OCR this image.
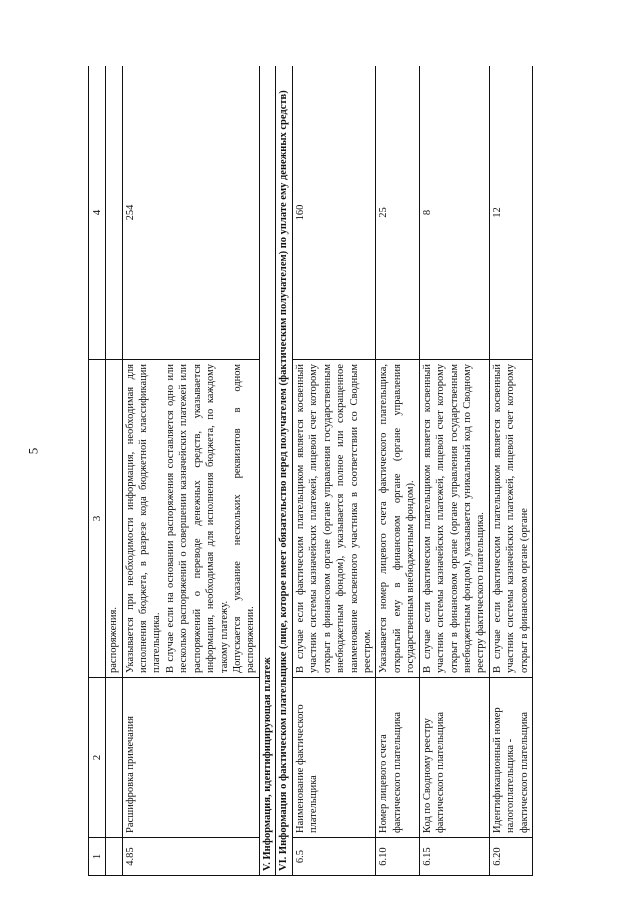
5
1	2	3	4

		распоряжения.	

4.85	Расшифровка примечания	Указывается при необходимости информация, необходимая для исполнения бюджета, в разрезе кода бюджетной классификации плательщика. В случае если на основании распоряжения составляется одно или несколько распоряжений о совершении казначейских платежей или распоряжений о переводе денежных средств, указывается информация, необходимая для исполнения бюджета, по каждому такому платежу. Допускается указание нескольких реквизитов в одном распоряжении.	254
V. Информация, идентифицирующая платеж			
VI. Информация о фактическом плательщике (лице, которое имеет обязательство перед получателем (фактическим получателем) по уплате ему денежных средств)			
6.5	Наименование фактического плательщика	В случае если фактическим плательщиком является косвенный участник системы казначейских платежей, лицевой счет которому открыт в финансовом органе (органе управления государственным внебюджетным фондом), указывается полное или сокращенное наименование косвенного участника в соответствии со Сводным реестром.	160
6.10	Номер лицевого счета фактического плательщика	Указывается номер лицевого счета фактического плательщика, открытый ему в финансовом органе (органе управления государственным внебюджетным фондом).	25
6.15	Код по Сводному реестру фактического плательщика	В случае если фактическим плательщиком является косвенный участник системы казначейских платежей, лицевой счет которому открыт в финансовом органе (органе управления государственным внебюджетным фондом), указывается уникальный код по Сводному реестру фактического плательщика.	8
6.20	Идентификационный номер налогоплательщика - фактического плательщика	В случае если фактическим плательщиком является косвенный участник системы казначейских платежей, лицевой счет которому открыт в финансовом органе (органе	12
